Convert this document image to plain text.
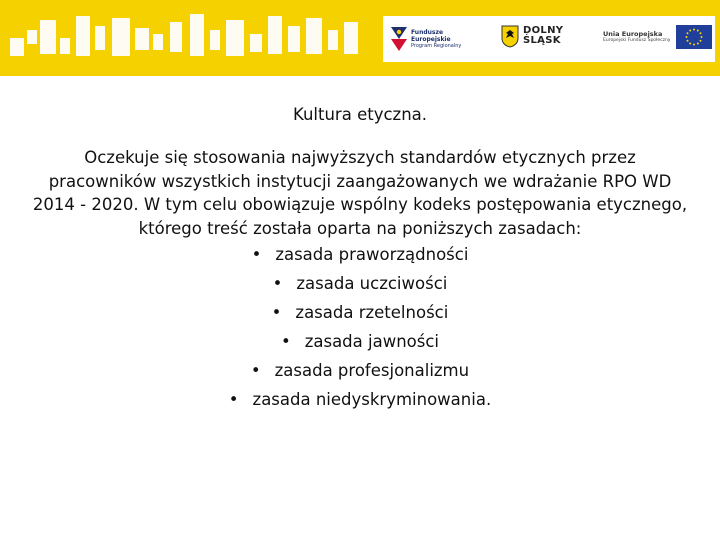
Fundusze
Europejskie
Program Regionalny
DOLNY
ŚLĄSK
Unia Europejska
Europejski Fundusz Społeczny
Kultura etyczna.
Oczekuje się stosowania najwyższych standardów etycznych przez pracowników wszystkich instytucji zaangażowanych we wdrażanie RPO WD 2014 - 2020. W tym celu obowiązuje wspólny kodeks postępowania etycznego, którego treść została oparta na poniższych zasadach:
• zasada praworządności
• zasada uczciwości
• zasada rzetelności
• zasada jawności
• zasada profesjonalizmu
• zasada niedyskryminowania.
